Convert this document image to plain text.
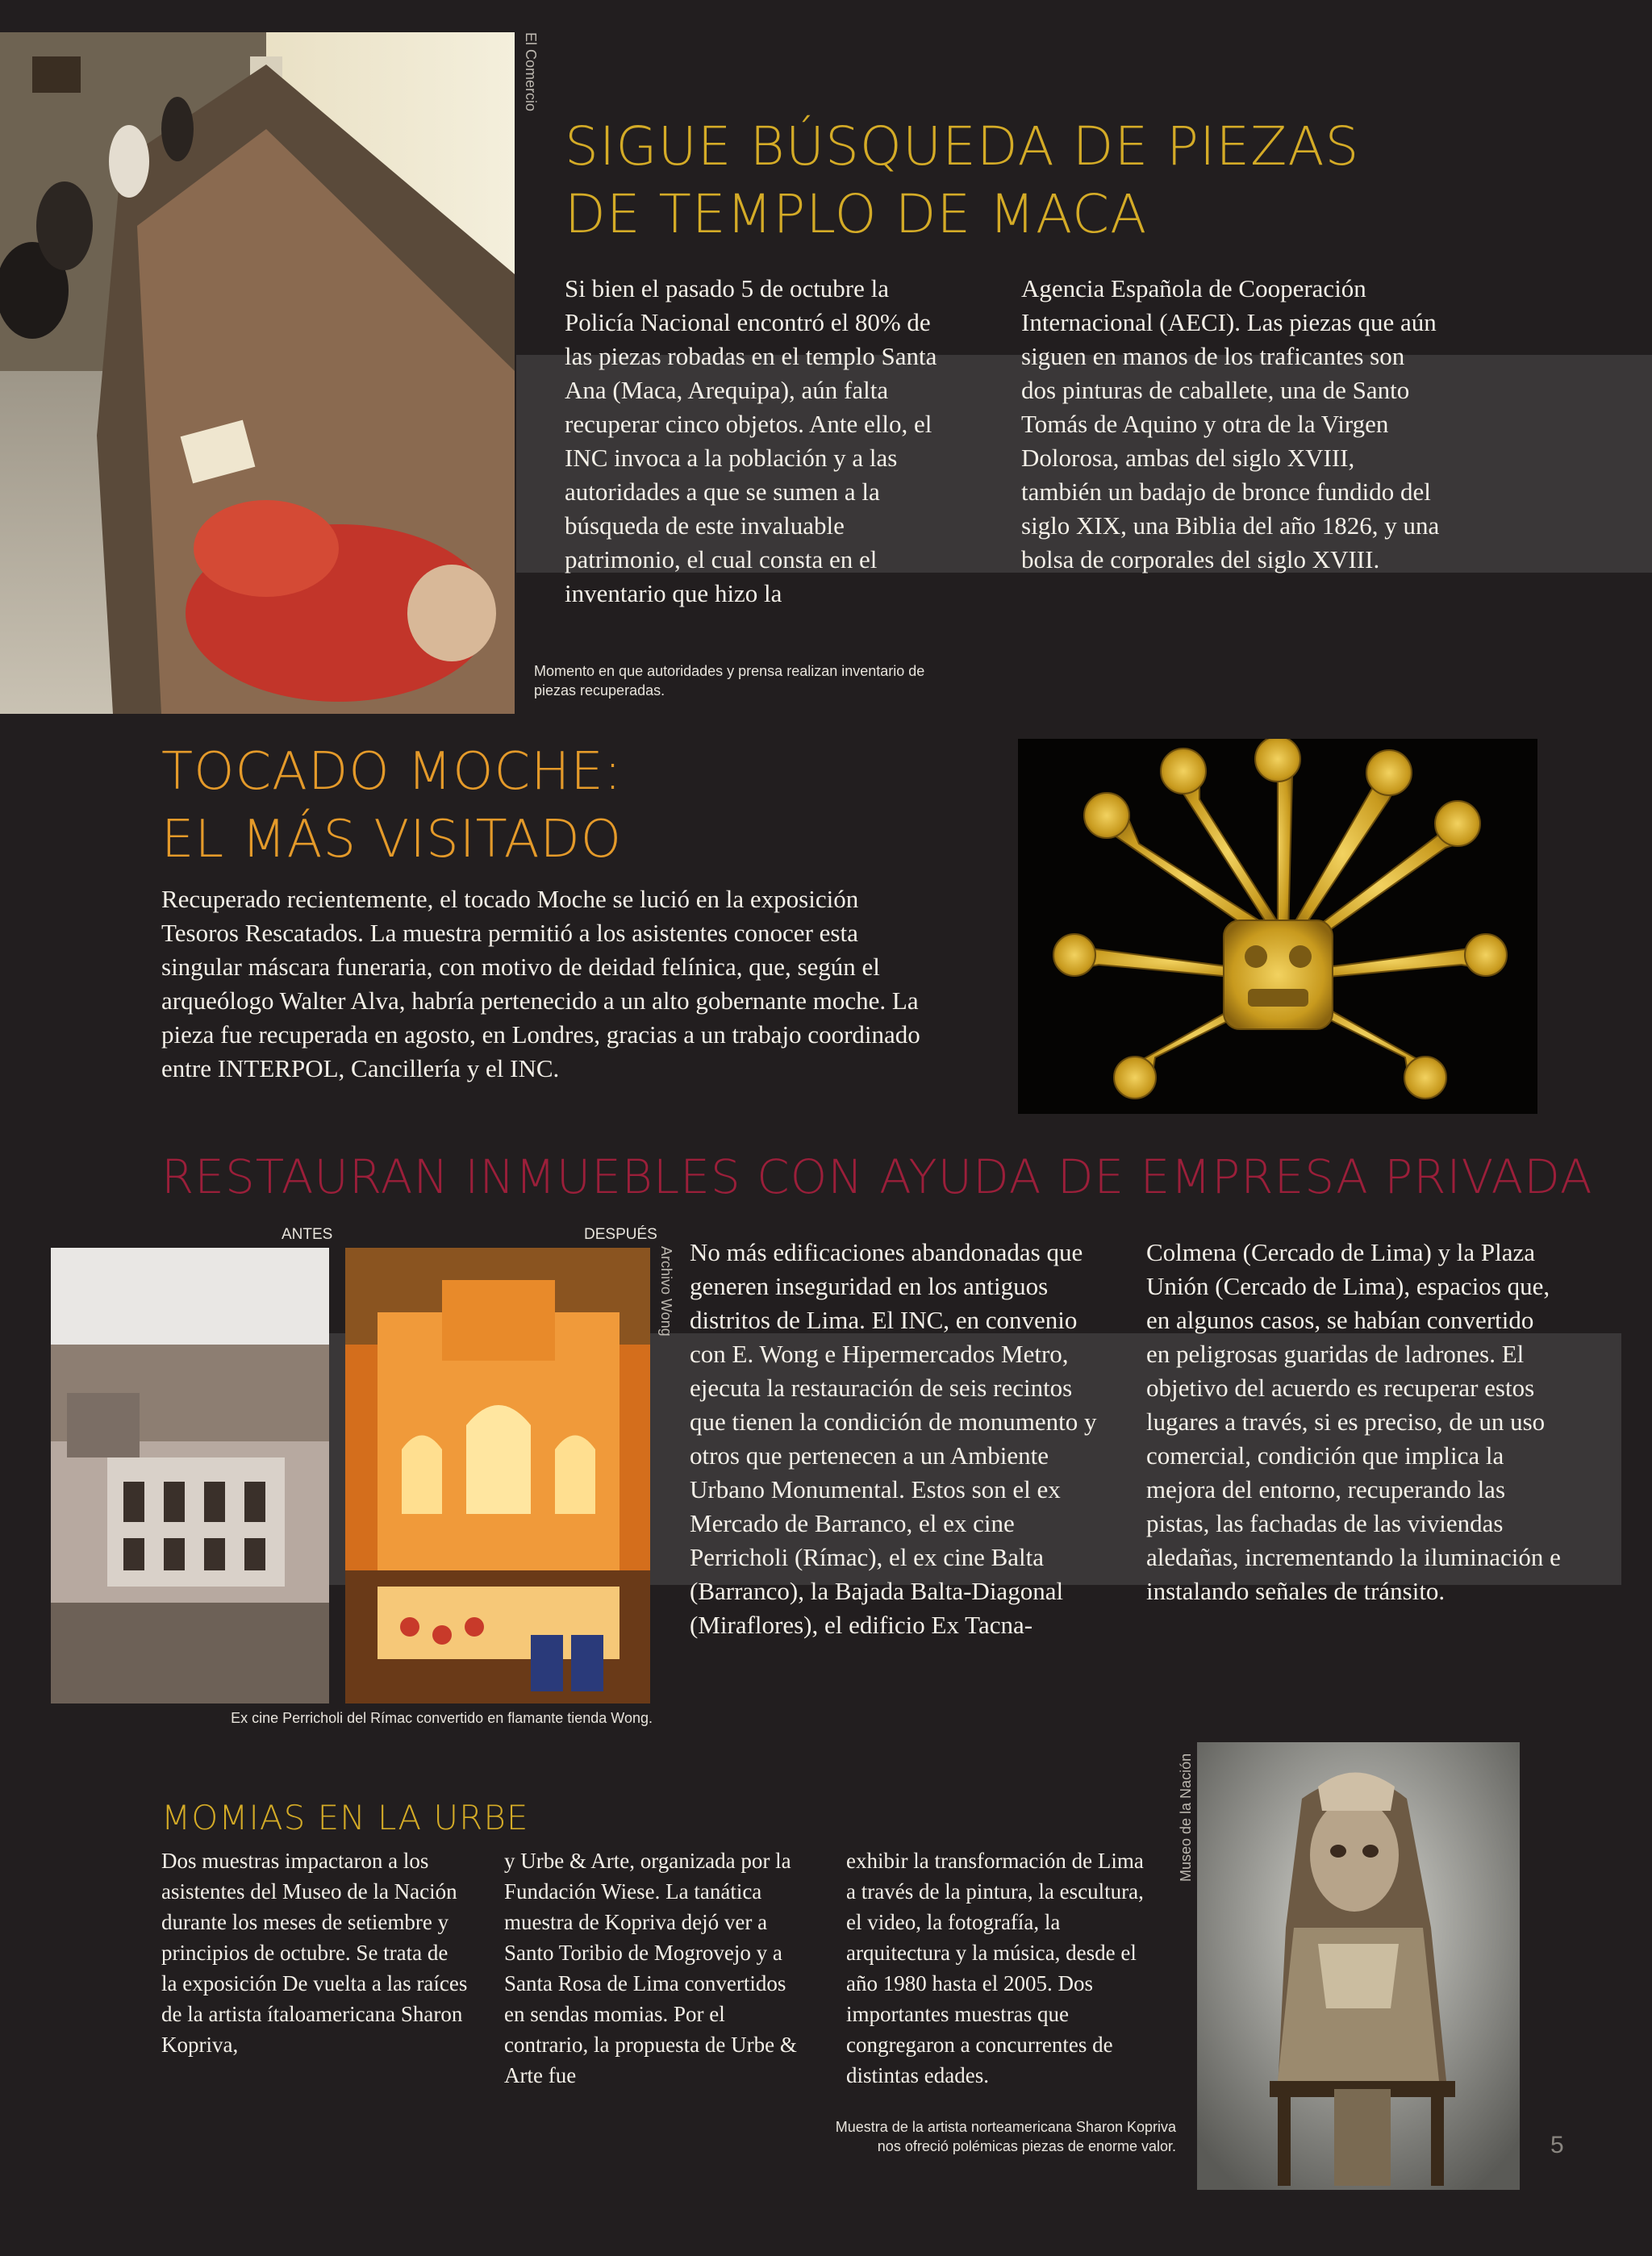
El Comercio
SIGUE BÚSQUEDA DE PIEZAS
DE TEMPLO DE MACA

Si bien el pasado 5 de octubre la Policía Nacional encontró el 80% de las piezas robadas en el templo Santa Ana (Maca, Arequipa), aún falta recuperar cinco objetos. Ante ello, el INC invoca a la población y a las autoridades a que se sumen a la búsqueda de este invaluable patrimonio, el cual consta en el inventario que hizo la

Agencia Española de Cooperación Internacional (AECI). Las piezas que aún siguen en manos de los traficantes son dos pinturas de caballete, una de Santo Tomás de Aquino y otra de la Virgen Dolorosa, ambas del siglo XVIII, también un badajo de bronce fundido del siglo XIX, una Biblia del año 1826, y una bolsa de corporales del siglo XVIII.

Momento en que autoridades y prensa realizan inventario de piezas recuperadas.
TOCADO MOCHE:
EL MÁS VISITADO

Recuperado recientemente, el tocado Moche se lució en la exposición Tesoros Rescatados. La muestra permitió a los asistentes conocer esta singular máscara funeraria, con motivo de deidad felínica, que, según el arqueólogo Walter Alva, habría pertenecido a un alto gobernante moche. La pieza fue recuperada en agosto, en Londres, gracias a un trabajo coordinado entre INTERPOL, Cancillería y el INC.

RESTAURAN INMUEBLES CON AYUDA DE EMPRESA PRIVADA
ANTES	DESPUÉS
Archivo Wong
Ex cine Perricholi del Rímac convertido en flamante tienda Wong.

No más edificaciones abandonadas que generen inseguridad en los antiguos distritos de Lima. El INC, en convenio con E. Wong e Hipermercados Metro, ejecuta la restauración de seis recintos que tienen la condición de monumento y otros que pertenecen a un Ambiente Urbano Monumental. Estos son el ex Mercado de Barranco, el ex cine Perricholi (Rímac), el ex cine Balta (Barranco), la Bajada Balta-Diagonal (Miraflores), el edificio Ex Tacna-

Colmena (Cercado de Lima) y la Plaza Unión (Cercado de Lima), espacios que, en algunos casos, se habían convertido en peligrosas guaridas de ladrones. El objetivo del acuerdo es recuperar estos lugares a través, si es preciso, de un uso comercial, condición que implica la mejora del entorno, recuperando las pistas, las fachadas de las viviendas aledañas, incrementando la iluminación e instalando señales de tránsito.

MOMIAS EN LA URBE

Dos muestras impactaron a los asistentes del Museo de la Nación durante los meses de setiembre y principios de octubre. Se trata de la exposición De vuelta a las raíces de la artista ítaloamericana Sharon Kopriva,

y Urbe & Arte, organizada por la Fundación Wiese. La tanática muestra de Kopriva dejó ver a Santo Toribio de Mogrovejo y a Santa Rosa de Lima convertidos en sendas momias. Por el contrario, la propuesta de Urbe & Arte fue

exhibir la transformación de Lima a través de la pintura, la escultura, el video, la fotografía, la arquitectura y la música, desde el año 1980 hasta el 2005. Dos importantes muestras que congregaron a concurrentes de distintas edades.

Museo de la Nación
Muestra de la artista norteamericana Sharon Kopriva
nos ofreció polémicas piezas de enorme valor.	5
